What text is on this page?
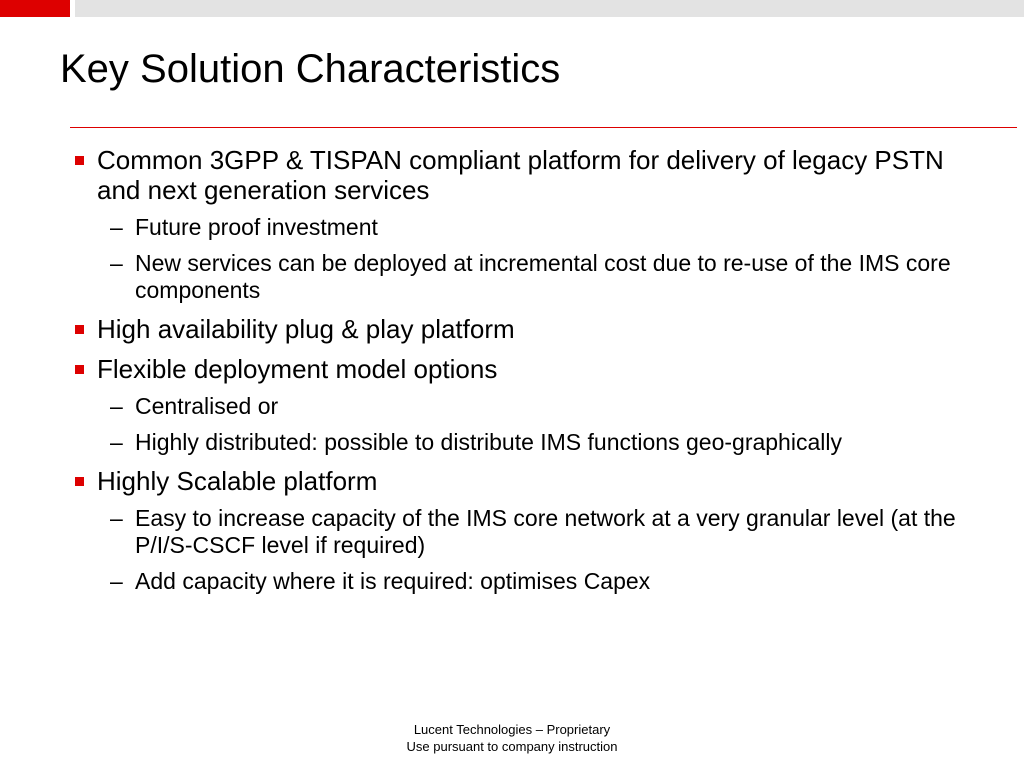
Key Solution Characteristics
Common 3GPP & TISPAN compliant platform for delivery of legacy PSTN and next generation services
– Future proof investment
– New services can be deployed at incremental cost due to re-use of the IMS core components
High availability plug & play platform
Flexible deployment model options
– Centralised or
– Highly distributed: possible to distribute IMS functions geo-graphically
Highly Scalable platform
– Easy to increase capacity of the IMS core network at a very granular level (at the P/I/S-CSCF level if required)
– Add capacity where it is required: optimises Capex
Lucent Technologies – Proprietary
Use pursuant to company instruction
